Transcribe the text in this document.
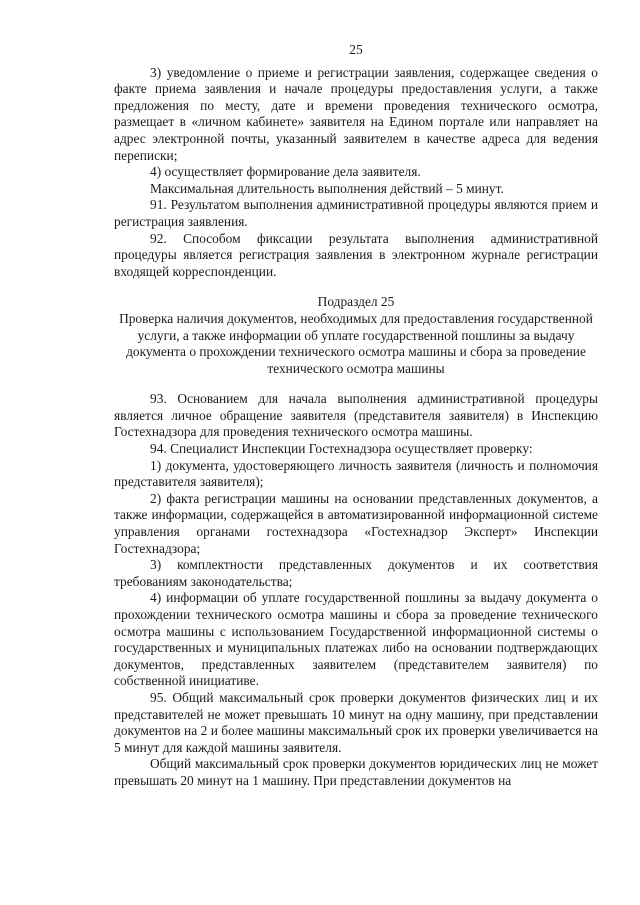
25

3) уведомление о приеме и регистрации заявления, содержащее сведения о факте приема заявления и начале процедуры предоставления услуги, а также предложения по месту, дате и времени проведения технического осмотра, размещает в «личном кабинете» заявителя на Едином портале или направляет на адрес электронной почты, указанный заявителем в качестве адреса для ведения переписки;

4) осуществляет формирование дела заявителя.

Максимальная длительность выполнения действий – 5 минут.

91. Результатом выполнения административной процедуры являются прием и регистрация заявления.

92. Способом фиксации результата выполнения административной процедуры является регистрация заявления в электронном журнале регистрации входящей корреспонденции.

Подраздел 25

Проверка наличия документов, необходимых для предоставления государственной услуги, а также информации об уплате государственной пошлины за выдачу документа о прохождении технического осмотра машины и сбора за проведение технического осмотра машины

93. Основанием для начала выполнения административной процедуры является личное обращение заявителя (представителя заявителя) в Инспекцию Гостехнадзора для проведения технического осмотра машины.

94. Специалист Инспекции Гостехнадзора осуществляет проверку:

1) документа, удостоверяющего личность заявителя (личность и полномочия представителя заявителя);

2) факта регистрации машины на основании представленных документов, а также информации, содержащейся в автоматизированной информационной системе управления органами гостехнадзора «Гостехнадзор Эксперт» Инспекции Гостехнадзора;

3) комплектности представленных документов и их соответствия требованиям законодательства;

4) информации об уплате государственной пошлины за выдачу документа о прохождении технического осмотра машины и сбора за проведение технического осмотра машины с использованием Государственной информационной системы о государственных и муниципальных платежах либо на основании подтверждающих документов, представленных заявителем (представителем заявителя) по собственной инициативе.

95. Общий максимальный срок проверки документов физических лиц и их представителей не может превышать 10 минут на одну машину, при представлении документов на 2 и более машины максимальный срок их проверки увеличивается на 5 минут для каждой машины заявителя.

Общий максимальный срок проверки документов юридических лиц не может превышать 20 минут на 1 машину. При представлении документов на
